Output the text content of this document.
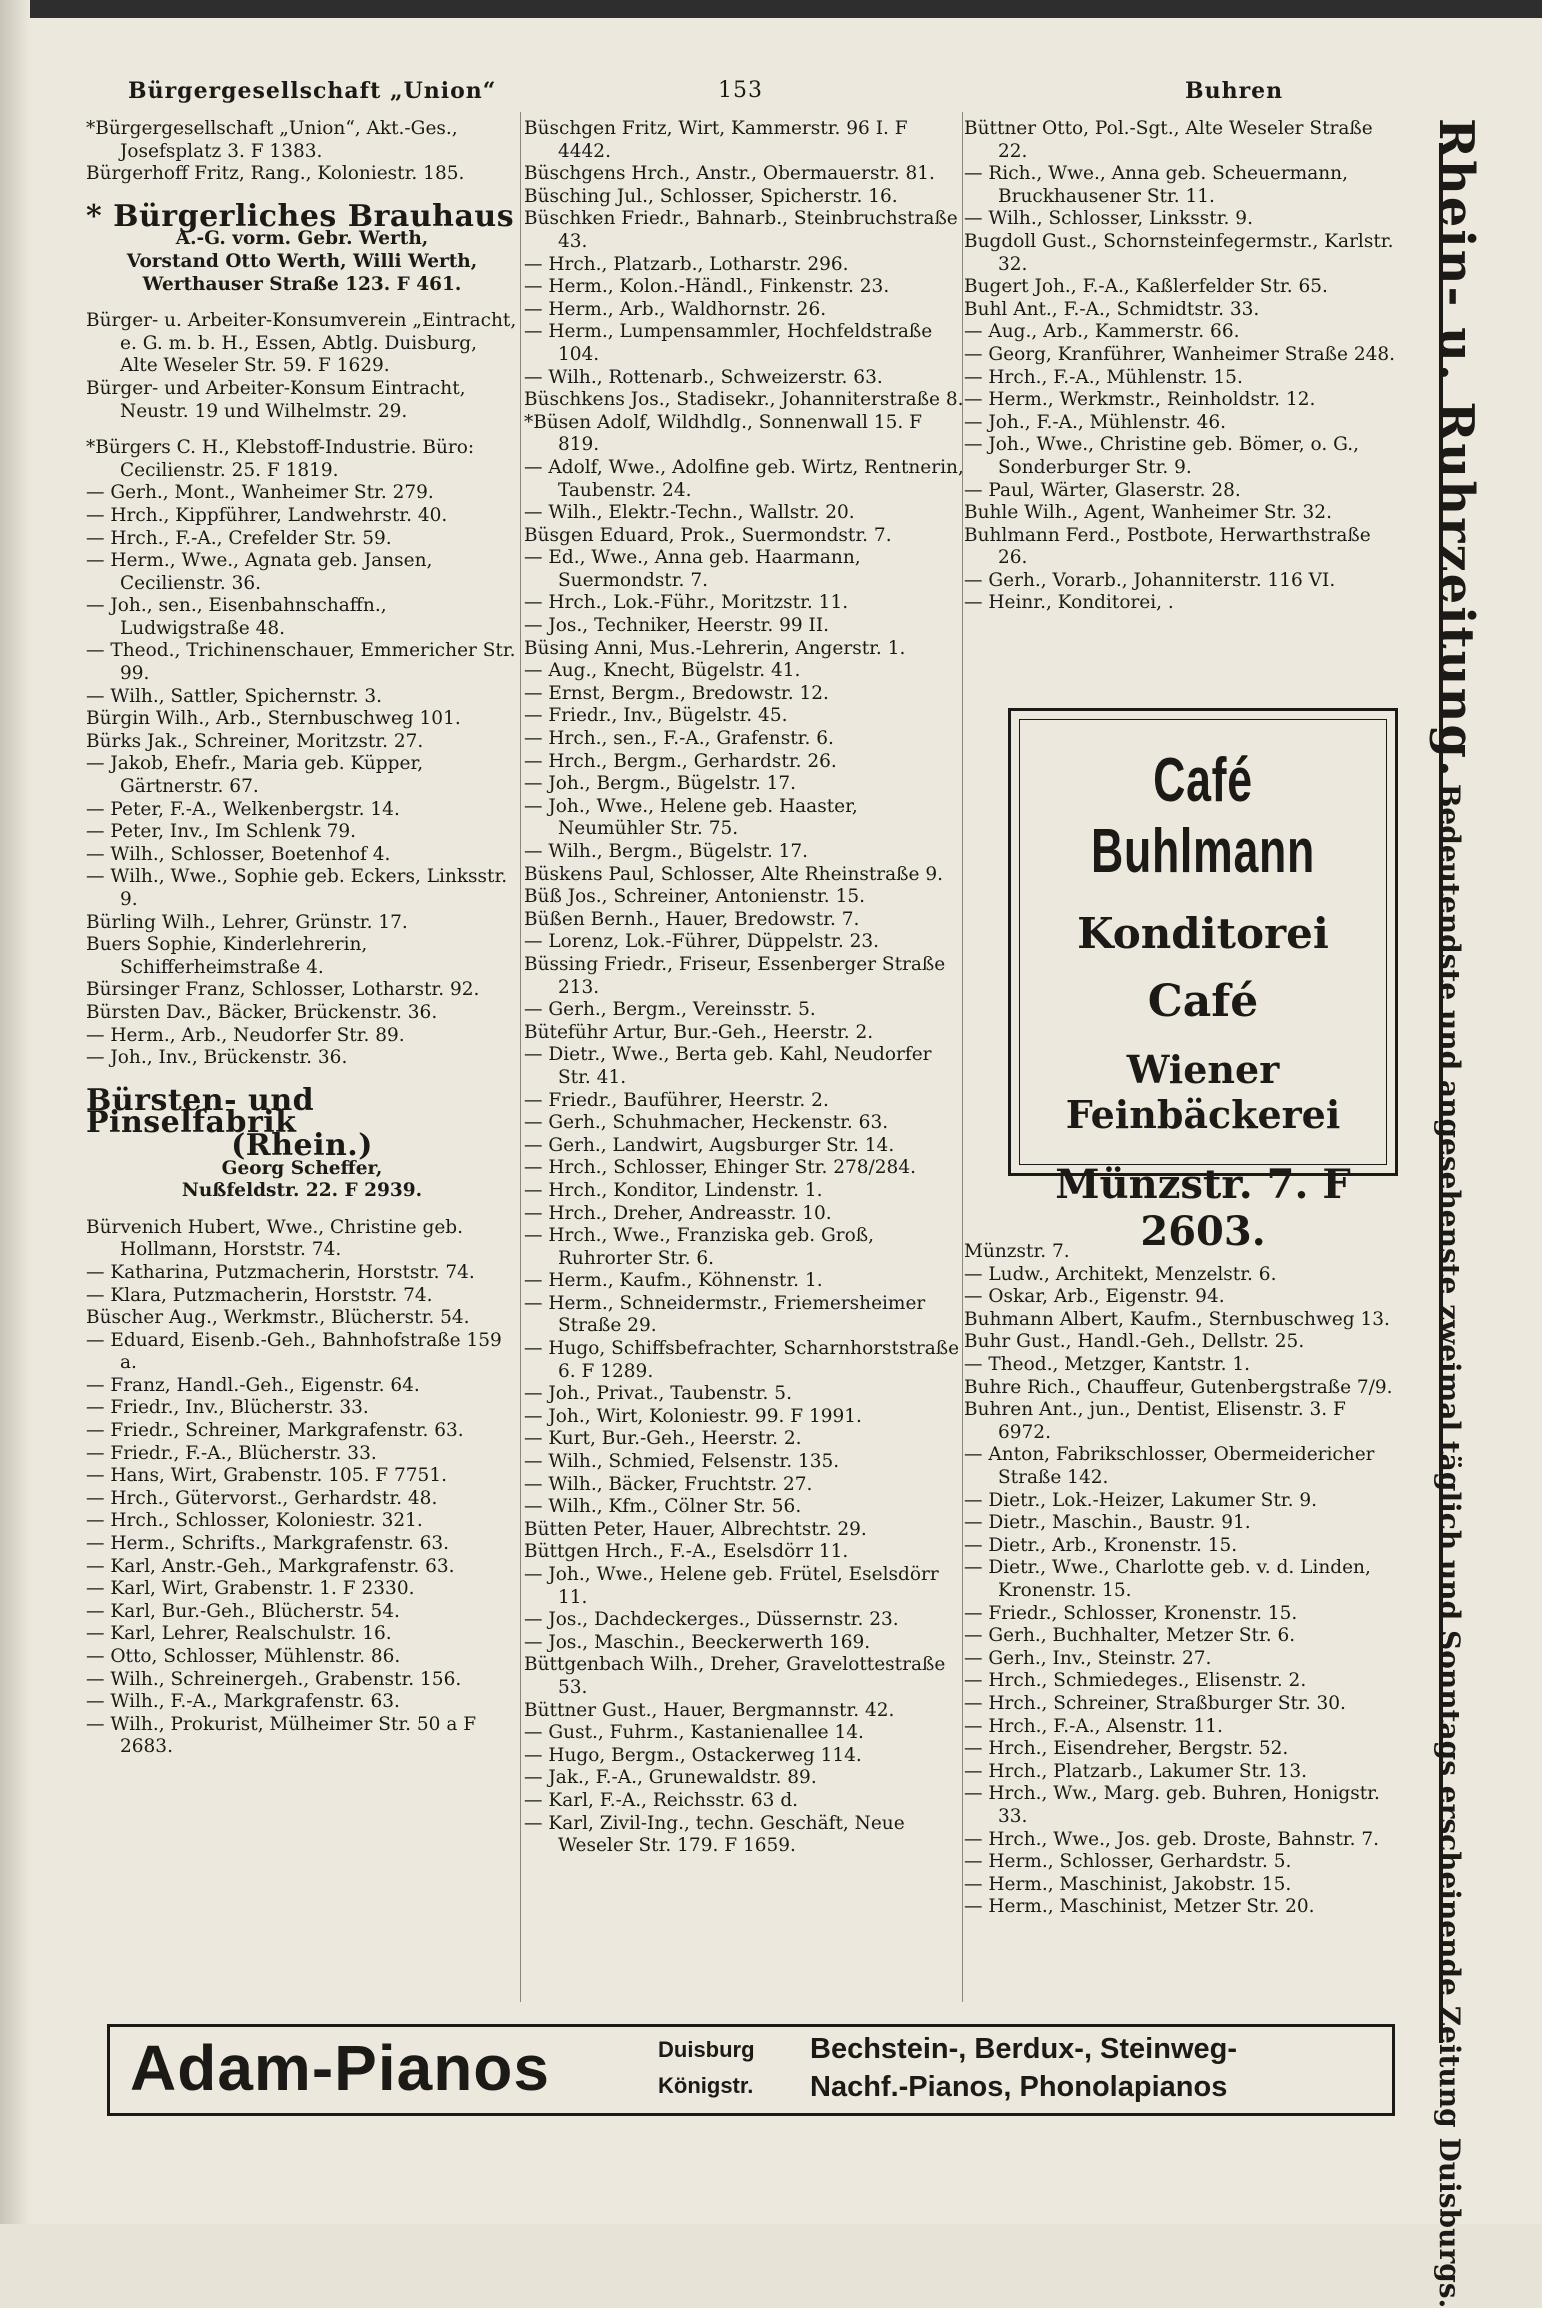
Bürgergesellschaft „Union“	153	Buhren
*Bürgergesellschaft „Union“, Akt.-Ges., Josefsplatz 3. F 1383.
Bürgerhoff Fritz, Rang., Koloniestr. 185.
* Bürgerliches Brauhaus
A.-G. vorm. Gebr. Werth,
Vorstand Otto Werth, Willi Werth,
Werthauser Straße 123. F 461.
Bürger- u. Arbeiter-Konsumverein „Eintracht, e. G. m. b. H., Essen, Abtlg. Duisburg, Alte Weseler Str. 59. F 1629.
Bürger- und Arbeiter-Konsum Eintracht, Neustr. 19 und Wilhelmstr. 29.
*Bürgers C. H., Klebstoff-Industrie. Büro: Cecilienstr. 25. F 1819.
— Gerh., Mont., Wanheimer Str. 279.
— Hrch., Kippführer, Landwehrstr. 40.
— Hrch., F.-A., Crefelder Str. 59.
— Herm., Wwe., Agnata geb. Jansen, Cecilienstr. 36.
— Joh., sen., Eisenbahnschaffn., Ludwigstraße 48.
— Theod., Trichinenschauer, Emmericher Str. 99.
— Wilh., Sattler, Spichernstr. 3.
Bürgin Wilh., Arb., Sternbuschweg 101.
Bürks Jak., Schreiner, Moritzstr. 27.
— Jakob, Ehefr., Maria geb. Küpper, Gärtnerstr. 67.
— Peter, F.-A., Welkenbergstr. 14.
— Peter, Inv., Im Schlenk 79.
— Wilh., Schlosser, Boetenhof 4.
— Wilh., Wwe., Sophie geb. Eckers, Linksstr. 9.
Bürling Wilh., Lehrer, Grünstr. 17.
Buers Sophie, Kinderlehrerin, Schifferheimstraße 4.
Bürsinger Franz, Schlosser, Lotharstr. 92.
Bürsten Dav., Bäcker, Brückenstr. 36.
— Herm., Arb., Neudorfer Str. 89.
— Joh., Inv., Brückenstr. 36.
Bürsten- und Pinselfabrik
(Rhein.)
Georg Scheffer,
Nußfeldstr. 22. F 2939.
Bürvenich Hubert, Wwe., Christine geb. Hollmann, Horststr. 74.
— Katharina, Putzmacherin, Horststr. 74.
— Klara, Putzmacherin, Horststr. 74.
Büscher Aug., Werkmstr., Blücherstr. 54.
— Eduard, Eisenb.-Geh., Bahnhofstraße 159 a.
— Franz, Handl.-Geh., Eigenstr. 64.
— Friedr., Inv., Blücherstr. 33.
— Friedr., Schreiner, Markgrafenstr. 63.
— Friedr., F.-A., Blücherstr. 33.
— Hans, Wirt, Grabenstr. 105. F 7751.
— Hrch., Gütervorst., Gerhardstr. 48.
— Hrch., Schlosser, Koloniestr. 321.
— Herm., Schrifts., Markgrafenstr. 63.
— Karl, Anstr.-Geh., Markgrafenstr. 63.
— Karl, Wirt, Grabenstr. 1. F 2330.
— Karl, Bur.-Geh., Blücherstr. 54.
— Karl, Lehrer, Realschulstr. 16.
— Otto, Schlosser, Mühlenstr. 86.
— Wilh., Schreinergeh., Grabenstr. 156.
— Wilh., F.-A., Markgrafenstr. 63.
— Wilh., Prokurist, Mülheimer Str. 50 a F 2683.
Büschgen Fritz, Wirt, Kammerstr. 96 I. F 4442.
Büschgens Hrch., Anstr., Obermauerstr. 81.
Büsching Jul., Schlosser, Spicherstr. 16.
Büschken Friedr., Bahnarb., Steinbruchstraße 43.
— Hrch., Platzarb., Lotharstr. 296.
— Herm., Kolon.-Händl., Finkenstr. 23.
— Herm., Arb., Waldhornstr. 26.
— Herm., Lumpensammler, Hochfeldstraße 104.
— Wilh., Rottenarb., Schweizerstr. 63.
Büschkens Jos., Stadisekr., Johanniterstraße 8.
*Büsen Adolf, Wildhdlg., Sonnenwall 15. F 819.
— Adolf, Wwe., Adolfine geb. Wirtz, Rentnerin, Taubenstr. 24.
— Wilh., Elektr.-Techn., Wallstr. 20.
Büsgen Eduard, Prok., Suermondstr. 7.
— Ed., Wwe., Anna geb. Haarmann, Suermondstr. 7.
— Hrch., Lok.-Führ., Moritzstr. 11.
— Jos., Techniker, Heerstr. 99 II.
Büsing Anni, Mus.-Lehrerin, Angerstr. 1.
— Aug., Knecht, Bügelstr. 41.
— Ernst, Bergm., Bredowstr. 12.
— Friedr., Inv., Bügelstr. 45.
— Hrch., sen., F.-A., Grafenstr. 6.
— Hrch., Bergm., Gerhardstr. 26.
— Joh., Bergm., Bügelstr. 17.
— Joh., Wwe., Helene geb. Haaster, Neumühler Str. 75.
— Wilh., Bergm., Bügelstr. 17.
Büskens Paul, Schlosser, Alte Rheinstraße 9.
Büß Jos., Schreiner, Antonienstr. 15.
Büßen Bernh., Hauer, Bredowstr. 7.
— Lorenz, Lok.-Führer, Düppelstr. 23.
Büssing Friedr., Friseur, Essenberger Straße 213.
— Gerh., Bergm., Vereinsstr. 5.
Büteführ Artur, Bur.-Geh., Heerstr. 2.
— Dietr., Wwe., Berta geb. Kahl, Neudorfer Str. 41.
— Friedr., Bauführer, Heerstr. 2.
— Gerh., Schuhmacher, Heckenstr. 63.
— Gerh., Landwirt, Augsburger Str. 14.
— Hrch., Schlosser, Ehinger Str. 278/284.
— Hrch., Konditor, Lindenstr. 1.
— Hrch., Dreher, Andreasstr. 10.
— Hrch., Wwe., Franziska geb. Groß, Ruhrorter Str. 6.
— Herm., Kaufm., Köhnenstr. 1.
— Herm., Schneidermstr., Friemersheimer Straße 29.
— Hugo, Schiffsbefrachter, Scharnhorststraße 6. F 1289.
— Joh., Privat., Taubenstr. 5.
— Joh., Wirt, Koloniestr. 99. F 1991.
— Kurt, Bur.-Geh., Heerstr. 2.
— Wilh., Schmied, Felsenstr. 135.
— Wilh., Bäcker, Fruchtstr. 27.
— Wilh., Kfm., Cölner Str. 56.
Bütten Peter, Hauer, Albrechtstr. 29.
Büttgen Hrch., F.-A., Eselsdörr 11.
— Joh., Wwe., Helene geb. Frütel, Eselsdörr 11.
— Jos., Dachdeckerges., Düssernstr. 23.
— Jos., Maschin., Beeckerwerth 169.
Büttgenbach Wilh., Dreher, Gravelottestraße 53.
Büttner Gust., Hauer, Bergmannstr. 42.
— Gust., Fuhrm., Kastanienallee 14.
— Hugo, Bergm., Ostackerweg 114.
— Jak., F.-A., Grunewaldstr. 89.
— Karl, F.-A., Reichsstr. 63 d.
— Karl, Zivil-Ing., techn. Geschäft, Neue Weseler Str. 179. F 1659.
Büttner Otto, Pol.-Sgt., Alte Weseler Straße 22.
— Rich., Wwe., Anna geb. Scheuermann, Bruckhausener Str. 11.
— Wilh., Schlosser, Linksstr. 9.
Bugdoll Gust., Schornsteinfegermstr., Karlstr. 32.
Bugert Joh., F.-A., Kaßlerfelder Str. 65.
Buhl Ant., F.-A., Schmidtstr. 33.
— Aug., Arb., Kammerstr. 66.
— Georg, Kranführer, Wanheimer Straße 248.
— Hrch., F.-A., Mühlenstr. 15.
— Herm., Werkmstr., Reinholdstr. 12.
— Joh., F.-A., Mühlenstr. 46.
— Joh., Wwe., Christine geb. Bömer, o. G., Sonderburger Str. 9.
— Paul, Wärter, Glaserstr. 28.
Buhle Wilh., Agent, Wanheimer Str. 32.
Buhlmann Ferd., Postbote, Herwarthstraße 26.
— Gerh., Vorarb., Johanniterstr. 116 VI.
— Heinr., Konditorei, .
Münzstr. 7.
— Ludw., Architekt, Menzelstr. 6.
— Oskar, Arb., Eigenstr. 94.
Buhmann Albert, Kaufm., Sternbuschweg 13.
Buhr Gust., Handl.-Geh., Dellstr. 25.
— Theod., Metzger, Kantstr. 1.
Buhre Rich., Chauffeur, Gutenbergstraße 7/9.
Buhren Ant., jun., Dentist, Elisenstr. 3. F 6972.
— Anton, Fabrikschlosser, Obermeidericher Straße 142.
— Dietr., Lok.-Heizer, Lakumer Str. 9.
— Dietr., Maschin., Baustr. 91.
— Dietr., Arb., Kronenstr. 15.
— Dietr., Wwe., Charlotte geb. v. d. Linden, Kronenstr. 15.
— Friedr., Schlosser, Kronenstr. 15.
— Gerh., Buchhalter, Metzer Str. 6.
— Gerh., Inv., Steinstr. 27.
— Hrch., Schmiedeges., Elisenstr. 2.
— Hrch., Schreiner, Straßburger Str. 30.
— Hrch., F.-A., Alsenstr. 11.
— Hrch., Eisendreher, Bergstr. 52.
— Hrch., Platzarb., Lakumer Str. 13.
— Hrch., Ww., Marg. geb. Buhren, Honigstr. 33.
— Hrch., Wwe., Jos. geb. Droste, Bahnstr. 7.
— Herm., Schlosser, Gerhardstr. 5.
— Herm., Maschinist, Jakobstr. 15.
— Herm., Maschinist, Metzer Str. 20.
Café Buhlmann
Konditorei
Café
Wiener Feinbäckerei
Münzstr. 7. F 2603.
Rhein- u. Ruhrzeitung. Bedeutendste und angesehenste zweimal täglich und Sonntags erscheinende Zeitung Duisburgs.
Adam-Pianos	Duisburg
Königstr.
Bechstein-, Berdux-, Steinweg-
Nachf.-Pianos, Phonolapianos
